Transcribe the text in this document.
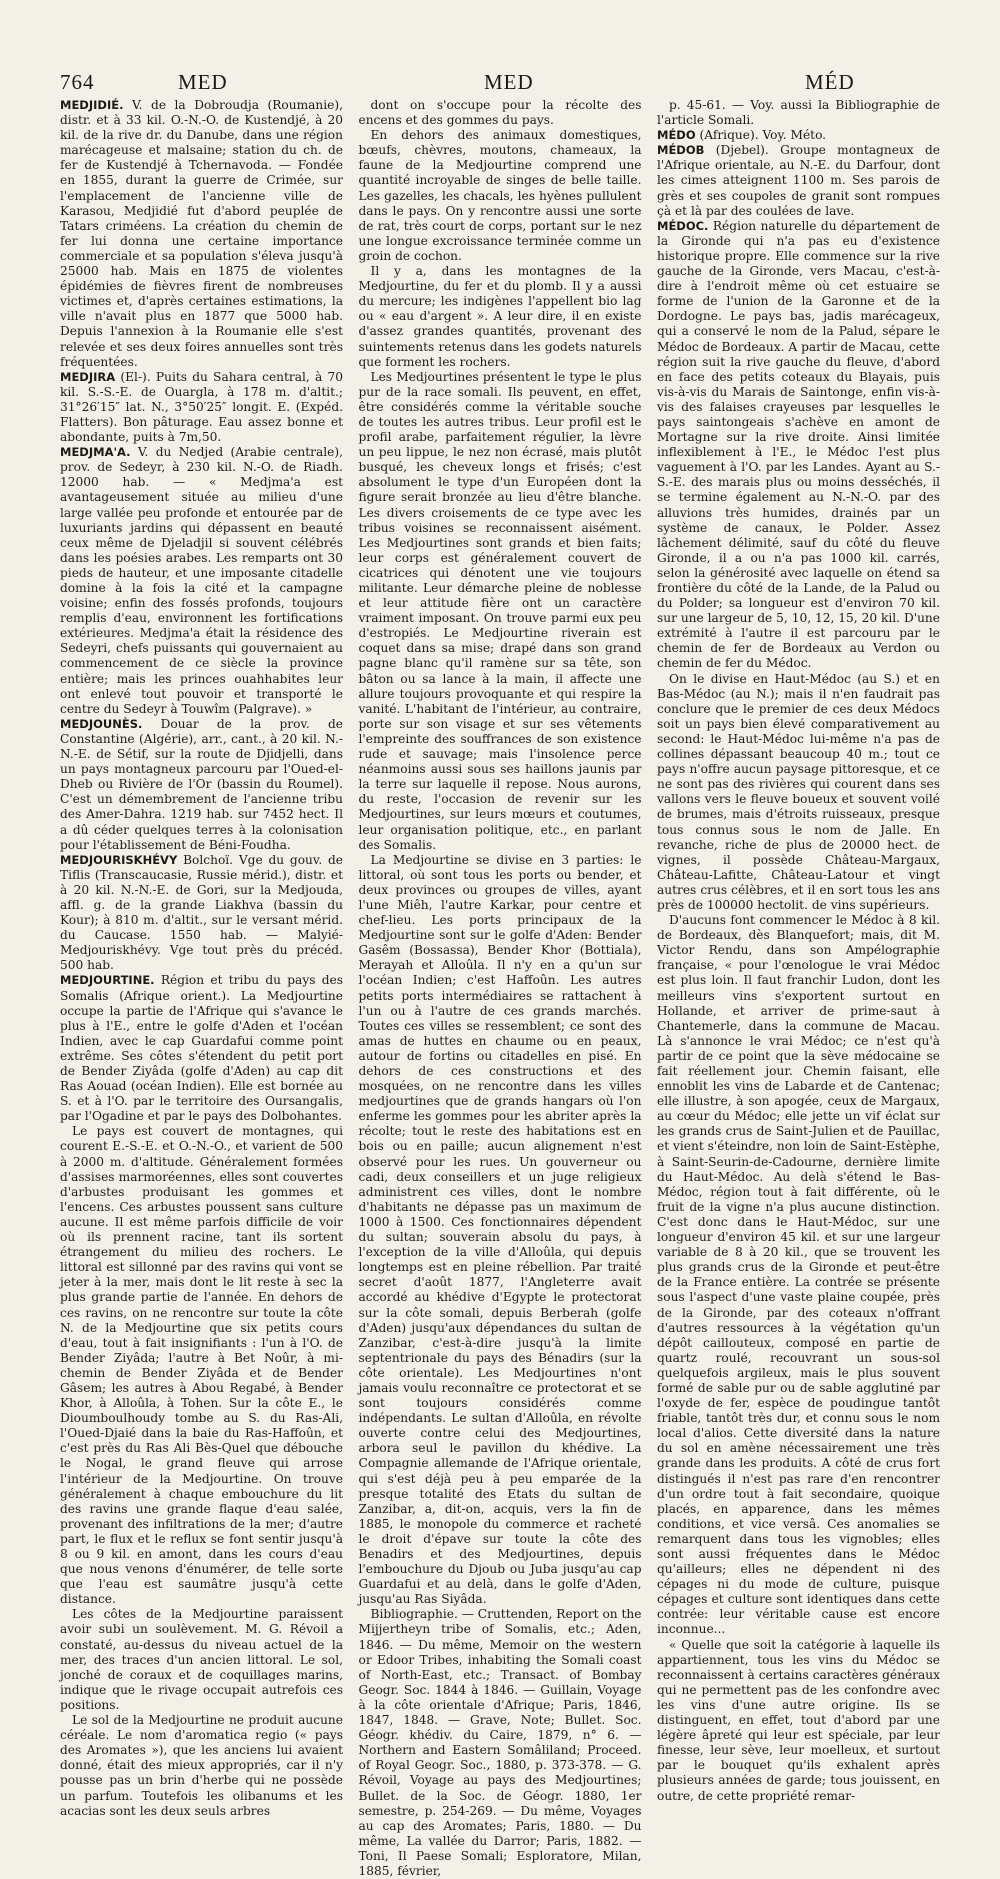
764	MED	MED	MÉD

MEDJIDIÉ. V. de la Dobroudja (Roumanie), distr. et à 33 kil. O.-N.-O. de Kustendjé, à 20 kil. de la rive dr. du Danube, dans une région marécageuse et malsaine; station du ch. de fer de Kustendjé à Tchernavoda. — Fondée en 1855, durant la guerre de Crimée, sur l'emplacement de l'ancienne ville de Karasou, Medjidié fut d'abord peuplée de Tatars criméens. La création du chemin de fer lui donna une certaine importance commerciale et sa population s'éleva jusqu'à 25000 hab. Mais en 1875 de violentes épidémies de fièvres firent de nombreuses victimes et, d'après certaines estimations, la ville n'avait plus en 1877 que 5000 hab. Depuis l'annexion à la Roumanie elle s'est relevée et ses deux foires annuelles sont très fréquentées.

MEDJIRA (El-). Puits du Sahara central, à 70 kil. S.-S.-E. de Ouargla, à 178 m. d'altit.; 31°26′15″ lat. N., 3°50′25″ longit. E. (Expéd. Flatters). Bon pâturage. Eau assez bonne et abondante, puits à 7m,50.

MEDJMA'A. V. du Nedjed (Arabie centrale), prov. de Sedeyr, à 230 kil. N.-O. de Riadh. 12000 hab. — « Medjma'a est avantageusement située au milieu d'une large vallée peu profonde et entourée par de luxuriants jardins qui dépassent en beauté ceux même de Djeladjil si souvent célébrés dans les poésies arabes. Les remparts ont 30 pieds de hauteur, et une imposante citadelle domine à la fois la cité et la campagne voisine; enfin des fossés profonds, toujours remplis d'eau, environnent les fortifications extérieures. Medjma'a était la résidence des Sedeyri, chefs puissants qui gouvernaient au commencement de ce siècle la province entière; mais les princes ouahhabites leur ont enlevé tout pouvoir et transporté le centre du Sedeyr à Touwîm (Palgrave). »

MEDJOUNÈS. Douar de la prov. de Constantine (Algérie), arr., cant., à 20 kil. N.-N.-E. de Sétif, sur la route de Djidjelli, dans un pays montagneux parcouru par l'Oued-el-Dheb ou Rivière de l'Or (bassin du Roumel). C'est un démembrement de l'ancienne tribu des Amer-Dahra. 1219 hab. sur 7452 hect. Il a dû céder quelques terres à la colonisation pour l'établissement de Béni-Foudha.

MEDJOURISKHÉVY Bolchoï. Vge du gouv. de Tiflis (Transcaucasie, Russie mérid.), distr. et à 20 kil. N.-N.-E. de Gori, sur la Medjouda, affl. g. de la grande Liakhva (bassin du Kour); à 810 m. d'altit., sur le versant mérid. du Caucase. 1550 hab. — Malyié-Medjouriskhévy. Vge tout près du précéd. 500 hab.

MEDJOURTINE. Région et tribu du pays des Somalis (Afrique orient.). La Medjourtine occupe la partie de l'Afrique qui s'avance le plus à l'E., entre le golfe d'Aden et l'océan Indien, avec le cap Guardafui comme point extrême. Ses côtes s'étendent du petit port de Bender Ziyâda (golfe d'Aden) au cap dit Ras Aouad (océan Indien). Elle est bornée au S. et à l'O. par le territoire des Oursangalis, par l'Ogadine et par le pays des Dolbohantes.

Le pays est couvert de montagnes, qui courent E.-S.-E. et O.-N.-O., et varient de 500 à 2000 m. d'altitude. Généralement formées d'assises marmoréennes, elles sont couvertes d'arbustes produisant les gommes et l'encens. Ces arbustes poussent sans culture aucune. Il est même parfois difficile de voir où ils prennent racine, tant ils sortent étrangement du milieu des rochers. Le littoral est sillonné par des ravins qui vont se jeter à la mer, mais dont le lit reste à sec la plus grande partie de l'année. En dehors de ces ravins, on ne rencontre sur toute la côte N. de la Medjourtine que six petits cours d'eau, tout à fait insignifiants : l'un à l'O. de Bender Ziyâda; l'autre à Bet Noûr, à mi-chemin de Bender Ziyâda et de Bender Gâsem; les autres à Abou Regabé, à Bender Khor, à Alloûla, à Tohen. Sur la côte E., le Dioumboulhoudy tombe au S. du Ras-Ali, l'Oued-Djaié dans la baie du Ras-Haffoûn, et c'est près du Ras Ali Bès-Quel que débouche le Nogal, le grand fleuve qui arrose l'intérieur de la Medjourtine. On trouve généralement à chaque embouchure du lit des ravins une grande flaque d'eau salée, provenant des infiltrations de la mer; d'autre part, le flux et le reflux se font sentir jusqu'à 8 ou 9 kil. en amont, dans les cours d'eau que nous venons d'énumérer, de telle sorte que l'eau est saumâtre jusqu'à cette distance.

Les côtes de la Medjourtine paraissent avoir subi un soulèvement. M. G. Révoil a constaté, au-dessus du niveau actuel de la mer, des traces d'un ancien littoral. Le sol, jonché de coraux et de coquillages marins, indique que le rivage occupait autrefois ces positions.

Le sol de la Medjourtine ne produit aucune céréale. Le nom d'aromatica regio (« pays des Aromates »), que les anciens lui avaient donné, était des mieux appropriés, car il n'y pousse pas un brin d'herbe qui ne possède un parfum. Toutefois les olibanums et les acacias sont les deux seuls arbres

dont on s'occupe pour la récolte des encens et des gommes du pays.

En dehors des animaux domestiques, bœufs, chèvres, moutons, chameaux, la faune de la Medjourtine comprend une quantité incroyable de singes de belle taille. Les gazelles, les chacals, les hyènes pullulent dans le pays. On y rencontre aussi une sorte de rat, très court de corps, portant sur le nez une longue excroissance terminée comme un groin de cochon.

Il y a, dans les montagnes de la Medjourtine, du fer et du plomb. Il y a aussi du mercure; les indigènes l'appellent bio lag ou « eau d'argent ». A leur dire, il en existe d'assez grandes quantités, provenant des suintements retenus dans les godets naturels que forment les rochers.

Les Medjourtines présentent le type le plus pur de la race somali. Ils peuvent, en effet, être considérés comme la véritable souche de toutes les autres tribus. Leur profil est le profil arabe, parfaitement régulier, la lèvre un peu lippue, le nez non écrasé, mais plutôt busqué, les cheveux longs et frisés; c'est absolument le type d'un Européen dont la figure serait bronzée au lieu d'être blanche. Les divers croisements de ce type avec les tribus voisines se reconnaissent aisément. Les Medjourtines sont grands et bien faits; leur corps est généralement couvert de cicatrices qui dénotent une vie toujours militante. Leur démarche pleine de noblesse et leur attitude fière ont un caractère vraiment imposant. On trouve parmi eux peu d'estropiés. Le Medjourtine riverain est coquet dans sa mise; drapé dans son grand pagne blanc qu'il ramène sur sa tête, son bâton ou sa lance à la main, il affecte une allure toujours provoquante et qui respire la vanité. L'habitant de l'intérieur, au contraire, porte sur son visage et sur ses vêtements l'empreinte des souffrances de son existence rude et sauvage; mais l'insolence perce néanmoins aussi sous ses haillons jaunis par la terre sur laquelle il repose. Nous aurons, du reste, l'occasion de revenir sur les Medjourtines, sur leurs mœurs et coutumes, leur organisation politique, etc., en parlant des Somalis.

La Medjourtine se divise en 3 parties: le littoral, où sont tous les ports ou bender, et deux provinces ou groupes de villes, ayant l'une Miêh, l'autre Karkar, pour centre et chef-lieu. Les ports principaux de la Medjourtine sont sur le golfe d'Aden: Bender Gasêm (Bossassa), Bender Khor (Bottiala), Merayah et Alloûla. Il n'y en a qu'un sur l'océan Indien; c'est Haffoûn. Les autres petits ports intermédiaires se rattachent à l'un ou à l'autre de ces grands marchés. Toutes ces villes se ressemblent; ce sont des amas de huttes en chaume ou en peaux, autour de fortins ou citadelles en pisé. En dehors de ces constructions et des mosquées, on ne rencontre dans les villes medjourtines que de grands hangars où l'on enferme les gommes pour les abriter après la récolte; tout le reste des habitations est en bois ou en paille; aucun alignement n'est observé pour les rues. Un gouverneur ou cadi, deux conseillers et un juge religieux administrent ces villes, dont le nombre d'habitants ne dépasse pas un maximum de 1000 à 1500. Ces fonctionnaires dépendent du sultan; souverain absolu du pays, à l'exception de la ville d'Alloûla, qui depuis longtemps est en pleine rébellion. Par traité secret d'août 1877, l'Angleterre avait accordé au khédive d'Egypte le protectorat sur la côte somali, depuis Berberah (golfe d'Aden) jusqu'aux dépendances du sultan de Zanzibar, c'est-à-dire jusqu'à la limite septentrionale du pays des Bénadirs (sur la côte orientale). Les Medjourtines n'ont jamais voulu reconnaître ce protectorat et se sont toujours considérés comme indépendants. Le sultan d'Alloûla, en révolte ouverte contre celui des Medjourtines, arbora seul le pavillon du khédive. La Compagnie allemande de l'Afrique orientale, qui s'est déjà peu à peu emparée de la presque totalité des Etats du sultan de Zanzibar, a, dit-on, acquis, vers la fin de 1885, le monopole du commerce et racheté le droit d'épave sur toute la côte des Benadirs et des Medjourtines, depuis l'embouchure du Djoub ou Juba jusqu'au cap Guardafui et au delà, dans le golfe d'Aden, jusqu'au Ras Siyâda.

Bibliographie. — Cruttenden, Report on the Mijjertheyn tribe of Somalis, etc.; Aden, 1846. — Du même, Memoir on the western or Edoor Tribes, inhabiting the Somali coast of North-East, etc.; Transact. of Bombay Geogr. Soc. 1844 à 1846. — Guillain, Voyage à la côte orientale d'Afrique; Paris, 1846, 1847, 1848. — Grave, Note; Bullet. Soc. Géogr. khédiv. du Caire, 1879, n° 6. — Northern and Eastern Somâliland; Proceed. of Royal Geogr. Soc., 1880, p. 373-378. — G. Révoil, Voyage au pays des Medjourtines; Bullet. de la Soc. de Géogr. 1880, 1er semestre, p. 254-269. — Du même, Voyages au cap des Aromates; Paris, 1880. — Du même, La vallée du Darror; Paris, 1882. — Toni, Il Paese Somali; Esploratore, Milan, 1885, février,

p. 45-61. — Voy. aussi la Bibliographie de l'article Somali.

MÉDO (Afrique). Voy. Méto.

MÉDOB (Djebel). Groupe montagneux de l'Afrique orientale, au N.-E. du Darfour, dont les cimes atteignent 1100 m. Ses parois de grès et ses coupoles de granit sont rompues çà et là par des coulées de lave.

MÉDOC. Région naturelle du département de la Gironde qui n'a pas eu d'existence historique propre. Elle commence sur la rive gauche de la Gironde, vers Macau, c'est-à-dire à l'endroit même où cet estuaire se forme de l'union de la Garonne et de la Dordogne. Le pays bas, jadis marécageux, qui a conservé le nom de la Palud, sépare le Médoc de Bordeaux. A partir de Macau, cette région suit la rive gauche du fleuve, d'abord en face des petits coteaux du Blayais, puis vis-à-vis du Marais de Saintonge, enfin vis-à-vis des falaises crayeuses par lesquelles le pays saintongeais s'achève en amont de Mortagne sur la rive droite. Ainsi limitée inflexiblement à l'E., le Médoc l'est plus vaguement à l'O. par les Landes. Ayant au S.-S.-E. des marais plus ou moins desséchés, il se termine également au N.-N.-O. par des alluvions très humides, drainés par un système de canaux, le Polder. Assez lâchement délimité, sauf du côté du fleuve Gironde, il a ou n'a pas 1000 kil. carrés, selon la générosité avec laquelle on étend sa frontière du côté de la Lande, de la Palud ou du Polder; sa longueur est d'environ 70 kil. sur une largeur de 5, 10, 12, 15, 20 kil. D'une extrémité à l'autre il est parcouru par le chemin de fer de Bordeaux au Verdon ou chemin de fer du Médoc.

On le divise en Haut-Médoc (au S.) et en Bas-Médoc (au N.); mais il n'en faudrait pas conclure que le premier de ces deux Médocs soit un pays bien élevé comparativement au second: le Haut-Médoc lui-même n'a pas de collines dépassant beaucoup 40 m.; tout ce pays n'offre aucun paysage pittoresque, et ce ne sont pas des rivières qui courent dans ses vallons vers le fleuve boueux et souvent voilé de brumes, mais d'étroits ruisseaux, presque tous connus sous le nom de Jalle. En revanche, riche de plus de 20000 hect. de vignes, il possède Château-Margaux, Château-Lafitte, Château-Latour et vingt autres crus célèbres, et il en sort tous les ans près de 100000 hectolit. de vins supérieurs.

D'aucuns font commencer le Médoc à 8 kil. de Bordeaux, dès Blanquefort; mais, dit M. Victor Rendu, dans son Ampélographie française, « pour l'œnologue le vrai Médoc est plus loin. Il faut franchir Ludon, dont les meilleurs vins s'exportent surtout en Hollande, et arriver de prime-saut à Chantemerle, dans la commune de Macau. Là s'annonce le vrai Médoc; ce n'est qu'à partir de ce point que la sève médocaine se fait réellement jour. Chemin faisant, elle ennoblit les vins de Labarde et de Cantenac; elle illustre, à son apogée, ceux de Margaux, au cœur du Médoc; elle jette un vif éclat sur les grands crus de Saint-Julien et de Pauillac, et vient s'éteindre, non loin de Saint-Estèphe, à Saint-Seurin-de-Cadourne, dernière limite du Haut-Médoc. Au delà s'étend le Bas-Médoc, région tout à fait différente, où le fruit de la vigne n'a plus aucune distinction. C'est donc dans le Haut-Médoc, sur une longueur d'environ 45 kil. et sur une largeur variable de 8 à 20 kil., que se trouvent les plus grands crus de la Gironde et peut-être de la France entière. La contrée se présente sous l'aspect d'une vaste plaine coupée, près de la Gironde, par des coteaux n'offrant d'autres ressources à la végétation qu'un dépôt caillouteux, composé en partie de quartz roulé, recouvrant un sous-sol quelquefois argileux, mais le plus souvent formé de sable pur ou de sable agglutiné par l'oxyde de fer, espèce de poudingue tantôt friable, tantôt très dur, et connu sous le nom local d'alios. Cette diversité dans la nature du sol en amène nécessairement une très grande dans les produits. A côté de crus fort distingués il n'est pas rare d'en rencontrer d'un ordre tout à fait secondaire, quoique placés, en apparence, dans les mêmes conditions, et vice versâ. Ces anomalies se remarquent dans tous les vignobles; elles sont aussi fréquentes dans le Médoc qu'ailleurs; elles ne dépendent ni des cépages ni du mode de culture, puisque cépages et culture sont identiques dans cette contrée: leur véritable cause est encore inconnue...

« Quelle que soit la catégorie à laquelle ils appartiennent, tous les vins du Médoc se reconnaissent à certains caractères généraux qui ne permettent pas de les confondre avec les vins d'une autre origine. Ils se distinguent, en effet, tout d'abord par une légère âpreté qui leur est spéciale, par leur finesse, leur sève, leur moelleux, et surtout par le bouquet qu'ils exhalent après plusieurs années de garde; tous jouissent, en outre, de cette propriété remar-
